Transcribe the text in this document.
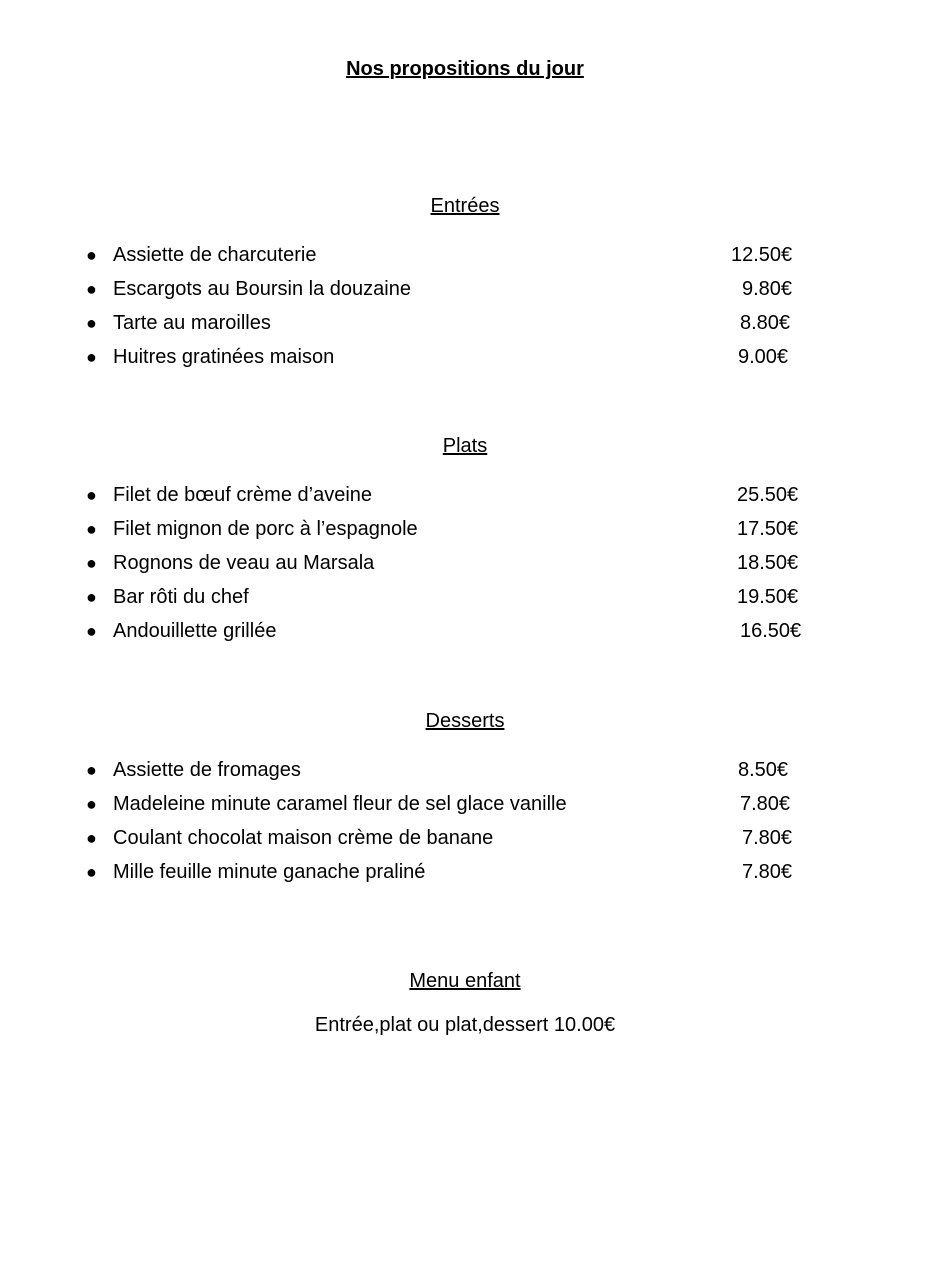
Nos propositions du jour
Entrées
● Assiette de charcuterie	12.50€
● Escargots au Boursin la douzaine	9.80€
● Tarte au maroilles	8.80€
● Huitres gratinées maison	9.00€
Plats
● Filet de bœuf crème d’aveine	25.50€
● Filet mignon de porc à l’espagnole	17.50€
● Rognons de veau au Marsala	18.50€
● Bar rôti du chef	19.50€
● Andouillette grillée	16.50€
Desserts
● Assiette de fromages	8.50€
● Madeleine minute caramel fleur de sel glace vanille	7.80€
● Coulant chocolat maison crème de banane	7.80€
● Mille feuille minute ganache praliné	7.80€
Menu enfant
Entrée,plat ou plat,dessert 10.00€
